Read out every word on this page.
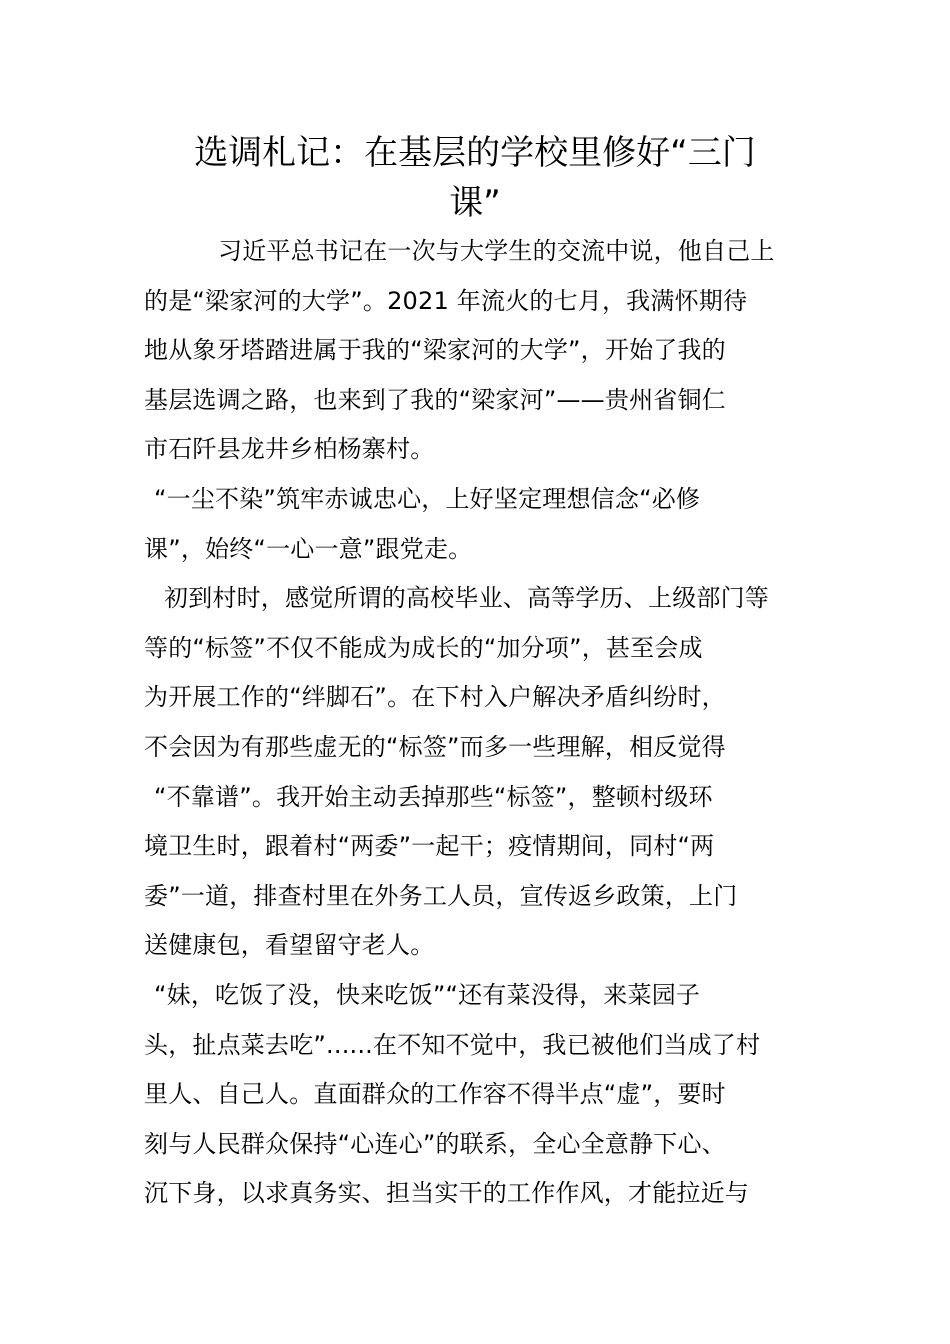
选调札记：在基层的学校里修好“三门
课”
习近平总书记在一次与大学生的交流中说，他自己上
的是“梁家河的大学”。2021 年流火的七月，我满怀期待
地从象牙塔踏进属于我的“梁家河的大学”，开始了我的
基层选调之路，也来到了我的“梁家河”——贵州省铜仁
市石阡县龙井乡柏杨寨村。
“一尘不染”筑牢赤诚忠心，上好坚定理想信念“必修
课”，始终“一心一意”跟党走。
初到村时，感觉所谓的高校毕业、高等学历、上级部门等
等的“标签”不仅不能成为成长的“加分项”，甚至会成
为开展工作的“绊脚石”。在下村入户解决矛盾纠纷时，
不会因为有那些虚无的“标签”而多一些理解，相反觉得
“不靠谱”。我开始主动丢掉那些“标签”，整顿村级环
境卫生时，跟着村“两委”一起干；疫情期间，同村“两
委”一道，排查村里在外务工人员，宣传返乡政策，上门
送健康包，看望留守老人。
“妹，吃饭了没，快来吃饭”“还有菜没得，来菜园子
头，扯点菜去吃”......在不知不觉中，我已被他们当成了村
里人、自己人。直面群众的工作容不得半点“虚”，要时
刻与人民群众保持“心连心”的联系，全心全意静下心、
沉下身，以求真务实、担当实干的工作作风，才能拉近与
